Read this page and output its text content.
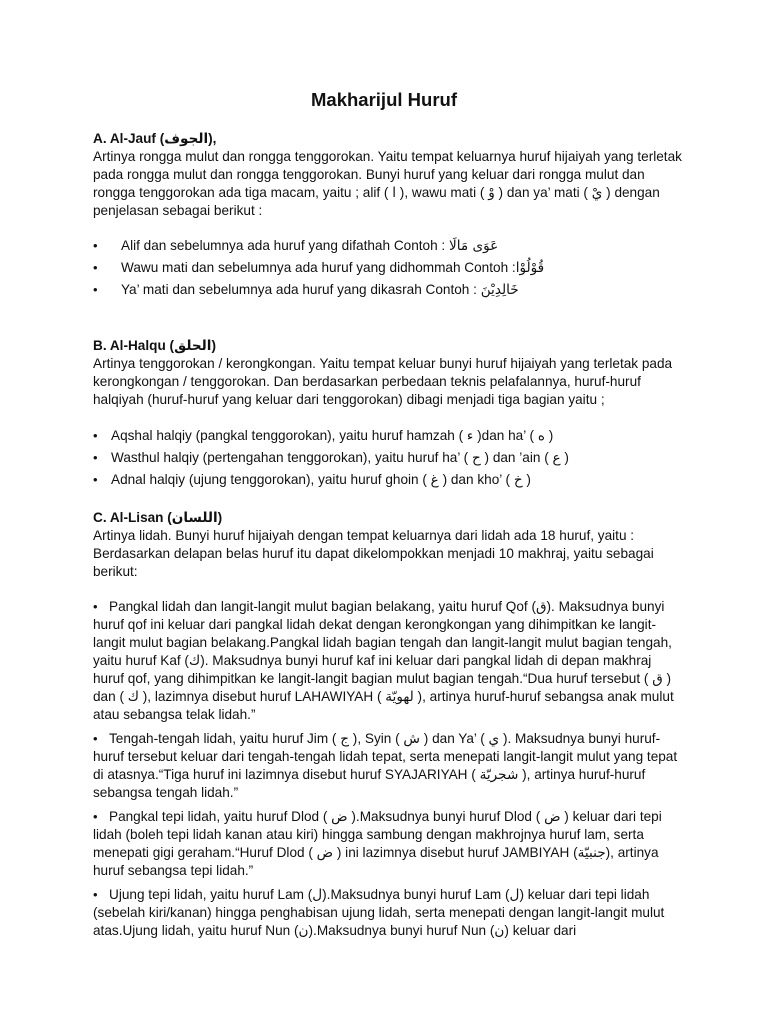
Makharijul Huruf

A. Al-Jauf (الجوف),

Artinya rongga mulut dan rongga tenggorokan. Yaitu tempat keluarnya huruf hijaiyah yang terletak pada rongga mulut dan rongga tenggorokan. Bunyi huruf yang keluar dari rongga mulut dan rongga tenggorokan ada tiga macam, yaitu ; alif ( ا ), wawu mati ( وْ ) dan ya’ mati ( يْ ) dengan penjelasan sebagai berikut :

• Alif dan sebelumnya ada huruf yang difathah Contoh : عَوَى مَالَا
• Wawu mati dan sebelumnya ada huruf yang didhommah Contoh :قُوْلُوْا
• Ya’ mati dan sebelumnya ada huruf yang dikasrah Contoh : خَالِدِيْنَ

B. Al-Halqu (الحلق)

Artinya tenggorokan / kerongkongan. Yaitu tempat keluar bunyi huruf hijaiyah yang terletak pada kerongkongan / tenggorokan. Dan berdasarkan perbedaan teknis pelafalannya, huruf-huruf halqiyah (huruf-huruf yang keluar dari tenggorokan) dibagi menjadi tiga bagian yaitu ;

• Aqshal halqiy (pangkal tenggorokan), yaitu huruf hamzah ( ء )dan ha’ ( ه )
• Wasthul halqiy (pertengahan tenggorokan), yaitu huruf ha’ ( ح ) dan ’ain ( ع )
• Adnal halqiy (ujung tenggorokan), yaitu huruf ghoin ( غ ) dan kho’ ( خ )

C. Al-Lisan (اللسان)

Artinya lidah. Bunyi huruf hijaiyah dengan tempat keluarnya dari lidah ada 18 huruf, yaitu : Berdasarkan delapan belas huruf itu dapat dikelompokkan menjadi 10 makhraj, yaitu sebagai berikut:

• Pangkal lidah dan langit-langit mulut bagian belakang, yaitu huruf Qof (ق). Maksudnya bunyi huruf qof ini keluar dari pangkal lidah dekat dengan kerongkongan yang dihimpitkan ke langit-langit mulut bagian belakang.Pangkal lidah bagian tengah dan langit-langit mulut bagian tengah, yaitu huruf Kaf (ك). Maksudnya bunyi huruf kaf ini keluar dari pangkal lidah di depan makhraj huruf qof, yang dihimpitkan ke langit-langit bagian mulut bagian tengah.“Dua huruf tersebut ( ق ) dan ( ك ), lazimnya disebut huruf LAHAWIYAH ( لهويّة ), artinya huruf-huruf sebangsa anak mulut atau sebangsa telak lidah.”

• Tengah-tengah lidah, yaitu huruf Jim ( ج ), Syin ( ش ) dan Ya’ ( ي ). Maksudnya bunyi huruf-huruf tersebut keluar dari tengah-tengah lidah tepat, serta menepati langit-langit mulut yang tepat di atasnya.“Tiga huruf ini lazimnya disebut huruf SYAJARIYAH ( شجريّة ), artinya huruf-huruf sebangsa tengah lidah.”

• Pangkal tepi lidah, yaitu huruf Dlod ( ض ).Maksudnya bunyi huruf Dlod ( ض ) keluar dari tepi lidah (boleh tepi lidah kanan atau kiri) hingga sambung dengan makhrojnya huruf lam, serta menepati gigi geraham.“Huruf Dlod ( ض ) ini lazimnya disebut huruf JAMBIYAH (جنبيّة), artinya huruf sebangsa tepi lidah.”

• Ujung tepi lidah, yaitu huruf Lam (ل).Maksudnya bunyi huruf Lam (ل) keluar dari tepi lidah (sebelah kiri/kanan) hingga penghabisan ujung lidah, serta menepati dengan langit-langit mulut atas.Ujung lidah, yaitu huruf Nun (ن).Maksudnya bunyi huruf Nun (ن) keluar dari
